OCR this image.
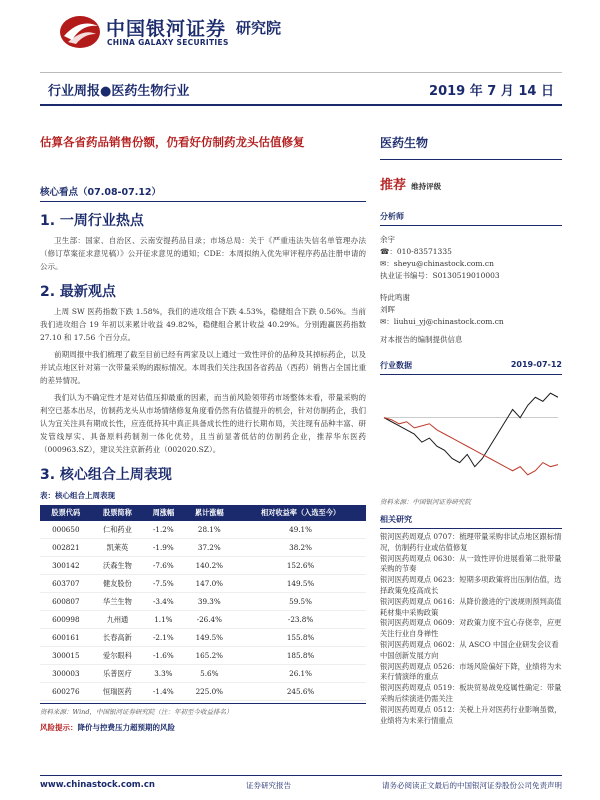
中国银河证券
CHINA GALAXY SECURITIES
研究院
行业周报●医药生物行业	2019 年 7 月 14 日
估算各省药品销售份额，仍看好仿制药龙头估值修复
核心看点（07.08-07.12）
1. 一周行业热点

卫生部：国家、自治区、云南安提药品目录；市场总局：关于《严重违法失信名单管理办法（修订草案征求意见稿）》公开征求意见的通知；CDE：本周拟纳入优先审评程序药品注册申请的公示。

2. 最新观点

上周 SW 医药指数下跌 1.58%，我们的进攻组合下跌 4.53%，稳健组合下跌 0.56%。当前我们进攻组合 19 年初以来累计收益 49.82%，稳健组合累计收益 40.29%。分别跑赢医药指数 27.10 和 17.56 个百分点。

前期周报中我们梳理了截至目前已经有两家及以上通过一致性评价的品种及其掉标药企，以及并试点地区针对第一次带量采购的跟标情况。本周我们关注我国各省药品（西药）销售占全国比重的差异情况。

我们认为不确定性才是对估值压抑最重的因素，而当前风险领带药市场整体未看，带量采购的利空已基本出尽，仿制药龙头从市场情绪修复角度看仍然有估值提升的机会，针对仿制药企，我们认为宜关注具有期成长性，应连低持其中真正具备成长性的进行长期布局，关注现有品种丰富、研发管线厚实、具备原料药制剂一体化优势，且当前显著低估的仿制药企业，推荐华东医药（000963.SZ），建议关注京新药业（002020.SZ）。

3. 核心组合上周表现
表：核心组合上周表现
股票代码	股票简称	周涨幅	累计涨幅	相对收益率（入选至今）
000650	仁和药业	-1.2%	28.1%	49.1%
002821	凯莱英	-1.9%	37.2%	38.2%
300142	沃森生物	-7.6%	140.2%	152.6%
603707	健友股份	-7.5%	147.0%	149.5%
600807	华兰生物	-3.4%	39.3%	59.5%
600998	九州通	1.1%	-26.4%	-23.8%
600161	长春高新	-2.1%	149.5%	155.8%
300015	爱尔眼科	-1.6%	165.2%	185.8%
300003	乐普医疗	3.3%	5.6%	26.1%
600276	恒瑞医药	-1.4%	225.0%	245.6%
资料来源：Wind，中国银河证券研究院（注：年初至今收益排名）
风险提示：降价与控费压力超预期的风险
医药生物
推荐 维持评级
分析师
余宇
☎：010-83571335
✉：sheyu@chinastock.com.cn
执业证书编号：S0130519010003
特此鸣谢
刘晖
✉：liuhui_yj@chinastock.com.cn
对本报告的编制提供信息
行业数据	2019-07-12
资料来源：中国银河证券研究院
相关研究
银河医药周观点 0707：梳理带量采购非试点地区跟标情况，仿制药行业或估值修复
银河医药周观点 0630：从一致性评价进展看第二批带量采购的节奏
银河医药周观点 0623：短期多项政策将出压制估值，选择政策免疫高成长
银河医药周观点 0616：从降价激进的宁波规则预判高值耗材集中采购政策
银河医药周观点 0609：对政策力度不宜心存侥幸，应更关注行业自身禅性
银河医药周观点 0602：从 ASCO 中国企业研发会议看中国创新发展方向
银河医药周观点 0526：市场风险偏好下降，业绩将为未来行情演绎的重点
银河医药周观点 0519：板块贸易战免疫属性确定：带量采购后续演进仍需关注
银河医药周观点 0512：关税上升对医药行业影响虽微，业绩将为未来行情重点
www.chinastock.com.cn	证券研究报告	请务必阅读正文最后的中国银河证券股份公司免责声明
